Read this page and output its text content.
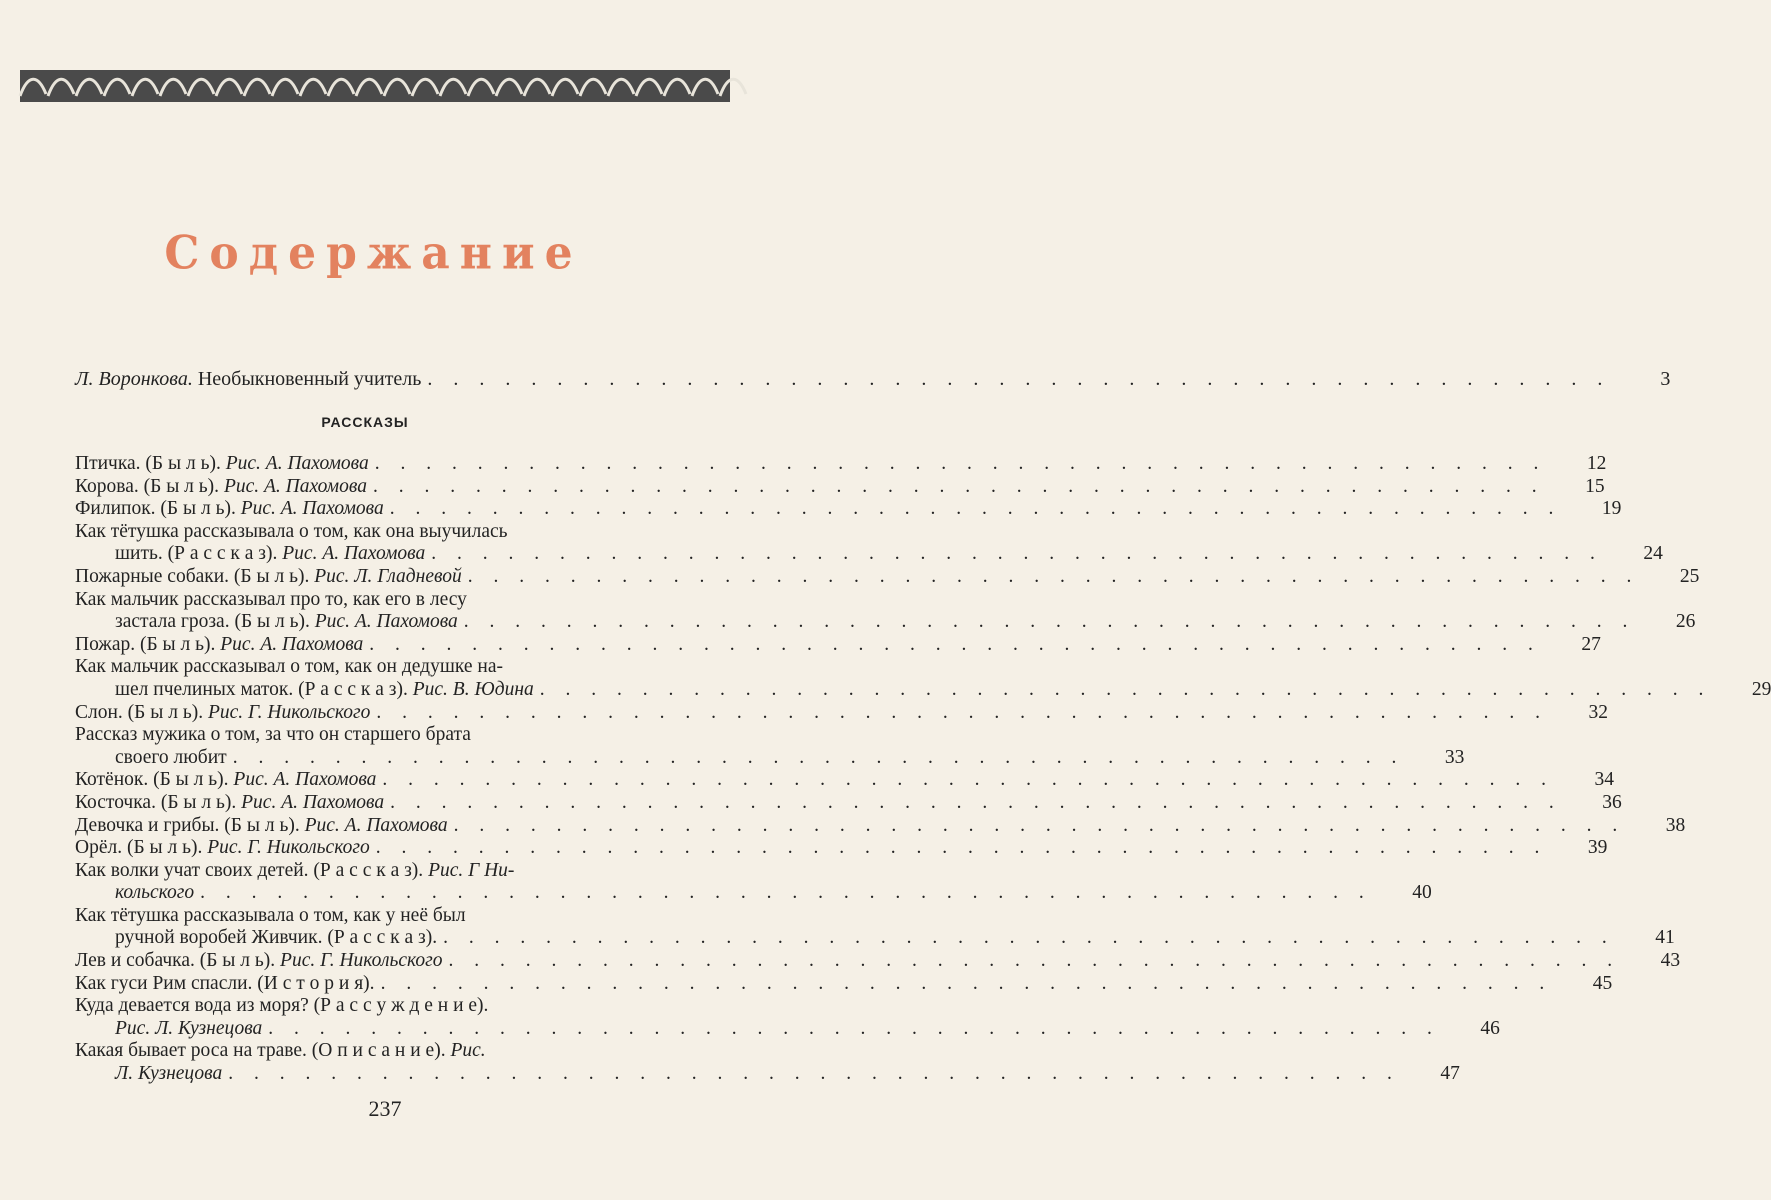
Содержание
Л. Воронкова. Необыкновенный учитель . . .	3
РАССКАЗЫ
Птичка. (Б ы л ь). Рис. А. Пахомова . . .	12
Корова. (Б ы л ь). Рис. А. Пахомова . . .	15
Филипок. (Б ы л ь). Рис. А. Пахомова . . .	19
Как тётушка рассказывала о том, как она выучилась
шить. (Р а с с к а з). Рис. А. Пахомова . . .	24
Пожарные собаки. (Б ы л ь). Рис. Л. Гладневой . . .	25
Как мальчик рассказывал про то, как его в лесу
застала гроза. (Б ы л ь). Рис. А. Пахомова . . .	26
Пожар. (Б ы л ь). Рис. А. Пахомова . . .	27
Как мальчик рассказывал о том, как он дедушке на-
шел пчелиных маток. (Р а с с к а з). Рис. В. Юдина . . .	29
Слон. (Б ы л ь). Рис. Г. Никольского . . .	32
Рассказ мужика о том, за что он старшего брата
своего любит . . .	33
Котёнок. (Б ы л ь). Рис. А. Пахомова . . .	34
Косточка. (Б ы л ь). Рис. А. Пахомова . . .	36
Девочка и грибы. (Б ы л ь). Рис. А. Пахомова . . .	38
Орёл. (Б ы л ь). Рис. Г. Никольского . . .	39
Как волки учат своих детей. (Р а с с к а з). Рис. Г Ни-
кольского . . .	40
Как тётушка рассказывала о том, как у неё был
ручной воробей Живчик. (Р а с с к а з). . . .	41
Лев и собачка. (Б ы л ь). Рис. Г. Никольского . . .	43
Как гуси Рим спасли. (И с т о р и я). . . .	45
Куда девается вода из моря? (Р а с с у ж д е н и е).
Рис. Л. Кузнецова . . .	46
Какая бывает роса на траве. (О п и с а н и е). Рис.
Л. Кузнецова . . .	47
237
